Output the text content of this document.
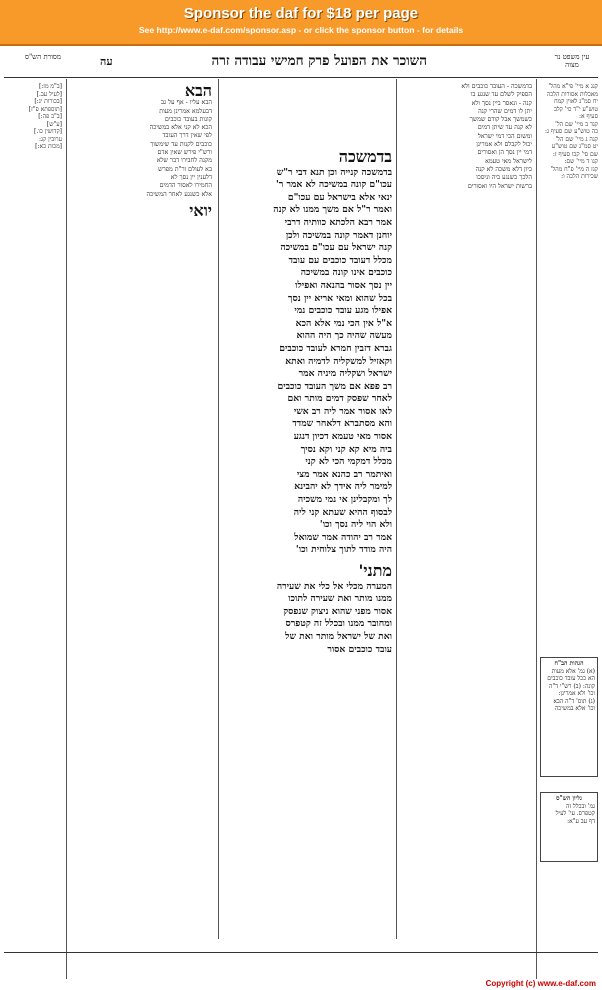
Sponsor the daf for $18 per page
See http://www.e-daf.com/sponsor.asp - or click the sponsor button - for details
עין משפט נר מצוה
השוכר את הפועל פרק חמישי עבודה זרה
עה
מסורת הש"ס
קנג א מיי' פי"א מהל'
מאכלות אסורות הלכה
יח סמ"ג לאוין קמח
טוש"ע י"ד סי' קלב
סעיף א:
קנד ב מיי' שם הל'
כה טוש"ע שם סעיף ג:
קנה ג מיי' שם הל'
יט סמ"ג שם טוש"ע
שם סי' קכו סעיף ז:
קנו ד מיי' שם:
קנז ה מיי' פ"ח מהל'
שכירות הלכה ו:
הגהות הב"ח
(א) גמ' אלא מעות
הא ככל עובד כוכבים
קונה: (ב) רש"י ד"ה
וכו' ולא אמרינן:
(ג) תוס' ד"ה הבא
וכו' אלא במשיכה
גליון הש"ס
גמ' ובכלל זה
קטפרס. עי' לעיל
דף עב ע"א:
בדמשכה - העובד כוכבים ולא
הספיק לשלם עד שנגע בו
קנה - ונאסר ביין נסך ולא
יתן לו דמים שהרי קנה
כשמשך אבל קודם שמשך
לא קנה עד שיתן דמים
ומשום הכי דמי ישראל
יכול לקבלם ולא אמרינן
דמי יין נסך הן ואסורים
לישראל מאי טעמא
כיון דלא משכה לא קנה
הלכך כשנגע ביה וניסכו
ברשות ישראל היו ואסורים
בדמשכה
בדמשכה קנייה וכן תנא דבי ר"ש
עכו"ם קונה במשיכה לא אמר ר'
ינאי אלא בישראל עם עכו"ם
ואמר ר"ל אם משך ממנו לא קנה
אמר רבא הלכתא כוותיה דרבי
יוחנן דאמר קונה במשיכה ולכן
קנה ישראל עם עכו"ם במשיכה
מכלל דעובד כוכבים עם עובד
כוכבים אינו קונה במשיכה
יין נסך אסור בהנאה ואפילו
בכל שהוא ומאי אריא יין נסך
אפילו מגע עובד כוכבים נמי
א"ל אין הכי נמי אלא הכא
מעשה שהיה כך היה ההוא
גברא דזבין חמרא לעובד כוכבים
וקאזיל למשקליה לדמיה ואתא
ישראל ושקליה מיניה אמר
רב פפא אם משך העובד כוכבים
לאחר שפסק דמים מותר ואם
לאו אסור אמר ליה רב אשי
והא מסתברא דלאחר שמדד
אסור מאי טעמא דכיון דנגע
ביה מיא קא קני וקא נסיך
מכלל דמקמי הכי לא קני
ואיתמר רב כהנא אמר מצי
למימר ליה אידך לא יהבינא
לך ומקבלינן אי נמי משכיה
לבסוף ההיא שעתא קני ליה
ולא הוי ליה נסך וכו'
אמר רב יהודה אמר שמואל
היה מודד לתוך צלוחית וכו'
מתני'
המערה מכלי אל כלי את שעירה
ממנו מותר ואת שעירה לתוכו
אסור מפני שהוא ניצוק שנפסק
ומחובר ממנו ובכלל זה קטפרס
ואת של ישראל מותר ואת של
עובד כוכבים אסור
הבא
הבא עליו - אף על גב
דבעלמא אמרינן מעות
קונות בעובד כוכבים
הכא לא קני אלא במשיכה
לפי שאין דרך העובד
כוכבים לקנות עד שימשוך
ורש"י פירש שאין אדם
מקנה לחבירו דבר שלא
בא לעולם ור"ת מפרש
דלענין יין נסך לא
החמירו לאסור הדמים
אלא כשנגע לאחר המשיכה
יואי
[ב"מ מז:]
[לעיל עב.]
[בכורות יג:]
[תוספתא פ"ז]
[ב"ב פה:]
[ע"ש]
[קדושין כו.]
ערובין קג:
[מכות כא:]
Copyright (c) www.e-daf.com
